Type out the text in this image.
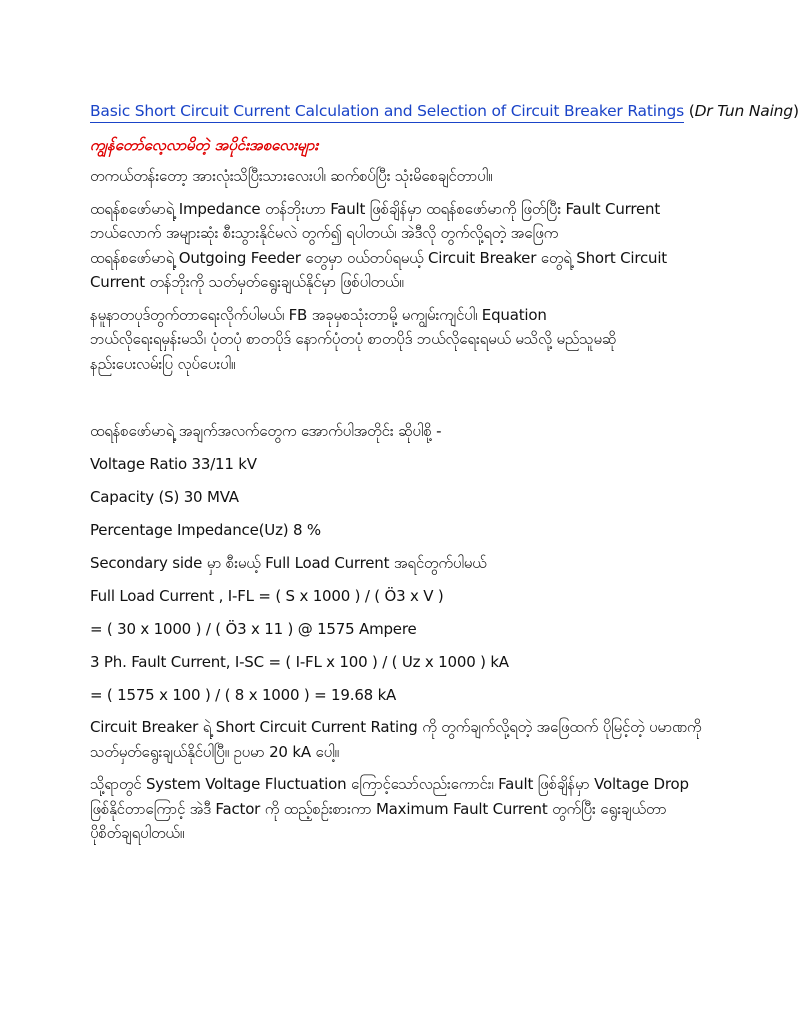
Basic Short Circuit Current Calculation and Selection of Circuit Breaker Ratings (Dr Tun Naing)
ကျွန်တော်လေ့လာမိတဲ့ အပိုင်းအစလေးများ
တကယ်တန်းတော့ အားလုံးသိပြီးသားလေးပါ၊ ဆက်စပ်ပြီး သုံးမိစေချင်တာပါ။
ထရန်စဖော်မာရဲ့ Impedance တန်ဘိုးဟာ Fault ဖြစ်ချိန်မှာ ထရန်စဖော်မာကို ဖြတ်ပြီး Fault Current
ဘယ်လောက် အများဆုံး စီးသွားနိုင်မလဲ တွက်၍ ရပါတယ်၊ အဲဒီလို တွက်လို့ရတဲ့ အဖြေက
ထရန်စဖော်မာရဲ့ Outgoing Feeder တွေမှာ ဝယ်တပ်ရမယ့် Circuit Breaker တွေရဲ့ Short Circuit
Current တန်ဘိုးကို သတ်မှတ်ရွေးချယ်နိုင်မှာ ဖြစ်ပါတယ်။
နမူနာတပုဒ်တွက်တာရေးလိုက်ပါမယ်၊ FB အခုမှစသုံးတာမို့ မကျွမ်းကျင်ပါ၊ Equation
ဘယ်လိုရေးရမှန်းမသိ၊ ပုံတပုံ စာတပိုဒ် နောက်ပုံတပုံ စာတပိုဒ် ဘယ်လိုရေးရမယ် မသိလို့ မည်သူမဆို
နည်းပေးလမ်းပြ လုပ်ပေးပါ။
ထရန်စဖော်မာရဲ့ အချက်အလက်တွေက အောက်ပါအတိုင်း ဆိုပါစို့ -
Voltage Ratio 33/11 kV
Capacity (S) 30 MVA
Percentage Impedance(Uz) 8 %
Secondary side မှာ စီးမယ့် Full Load Current အရင်တွက်ပါမယ်
Full Load Current , I-FL = ( S x 1000 ) / ( Ö3 x V )
= ( 30 x 1000 ) / ( Ö3 x 11 ) @ 1575 Ampere
3 Ph. Fault Current, I-SC = ( I-FL x 100 ) / ( Uz x 1000 ) kA
= ( 1575 x 100 ) / ( 8 x 1000 ) = 19.68 kA
Circuit Breaker ရဲ့ Short Circuit Current Rating ကို တွက်ချက်လို့ရတဲ့ အဖြေထက် ပိုမြင့်တဲ့ ပမာဏကို
သတ်မှတ်ရွေးချယ်နိုင်ပါပြီ။ ဥပမာ 20 kA ပေါ့။
သို့ရာတွင် System Voltage Fluctuation ကြောင့်သော်လည်းကောင်း၊ Fault ဖြစ်ချိန်မှာ Voltage Drop
ဖြစ်နိုင်တာကြောင့် အဲဒီ Factor ကို ထည့်စဉ်းစားကာ Maximum Fault Current တွက်ပြီး ရွေးချယ်တာ
ပိုစိတ်ချရပါတယ်။
